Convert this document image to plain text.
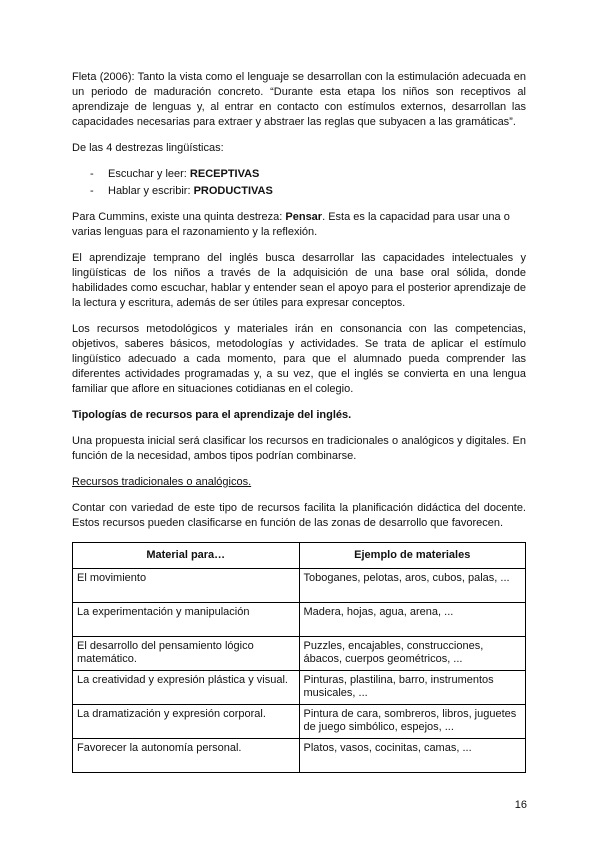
Fleta (2006): Tanto la vista como el lenguaje se desarrollan con la estimulación adecuada en un periodo de maduración concreto. “Durante esta etapa los niños son receptivos al aprendizaje de lenguas y, al entrar en contacto con estímulos externos, desarrollan las capacidades necesarias para extraer y abstraer las reglas que subyacen a las gramáticas”.

De las 4 destrezas lingüísticas:

- Escuchar y leer: RECEPTIVAS
- Hablar y escribir: PRODUCTIVAS

Para Cummins, existe una quinta destreza: Pensar. Esta es la capacidad para usar una o varias lenguas para el razonamiento y la reflexión.

El aprendizaje temprano del inglés busca desarrollar las capacidades intelectuales y lingüísticas de los niños a través de la adquisición de una base oral sólida, donde habilidades como escuchar, hablar y entender sean el apoyo para el posterior aprendizaje de la lectura y escritura, además de ser útiles para expresar conceptos.

Los recursos metodológicos y materiales irán en consonancia con las competencias, objetivos, saberes básicos, metodologías y actividades. Se trata de aplicar el estímulo lingüístico adecuado a cada momento, para que el alumnado pueda comprender las diferentes actividades programadas y, a su vez, que el inglés se convierta en una lengua familiar que aflore en situaciones cotidianas en el colegio.

Tipologías de recursos para el aprendizaje del inglés.

Una propuesta inicial será clasificar los recursos en tradicionales o analógicos y digitales. En función de la necesidad, ambos tipos podrían combinarse.

Recursos tradicionales o analógicos.

Contar con variedad de este tipo de recursos facilita la planificación didáctica del docente. Estos recursos pueden clasificarse en función de las zonas de desarrollo que favorecen.

Material para…	Ejemplo de materiales
El movimiento	Toboganes, pelotas, aros, cubos, palas, ...
La experimentación y manipulación	Madera, hojas, agua, arena, ...
El desarrollo del pensamiento lógico matemático.	Puzzles, encajables, construcciones, ábacos, cuerpos geométricos, ...
La creatividad y expresión plástica y visual.	Pinturas, plastilina, barro, instrumentos musicales, ...
La dramatización y expresión corporal.	Pintura de cara, sombreros, libros, juguetes de juego simbólico, espejos, ...
Favorecer la autonomía personal.	Platos, vasos, cocinitas, camas, ...
16
